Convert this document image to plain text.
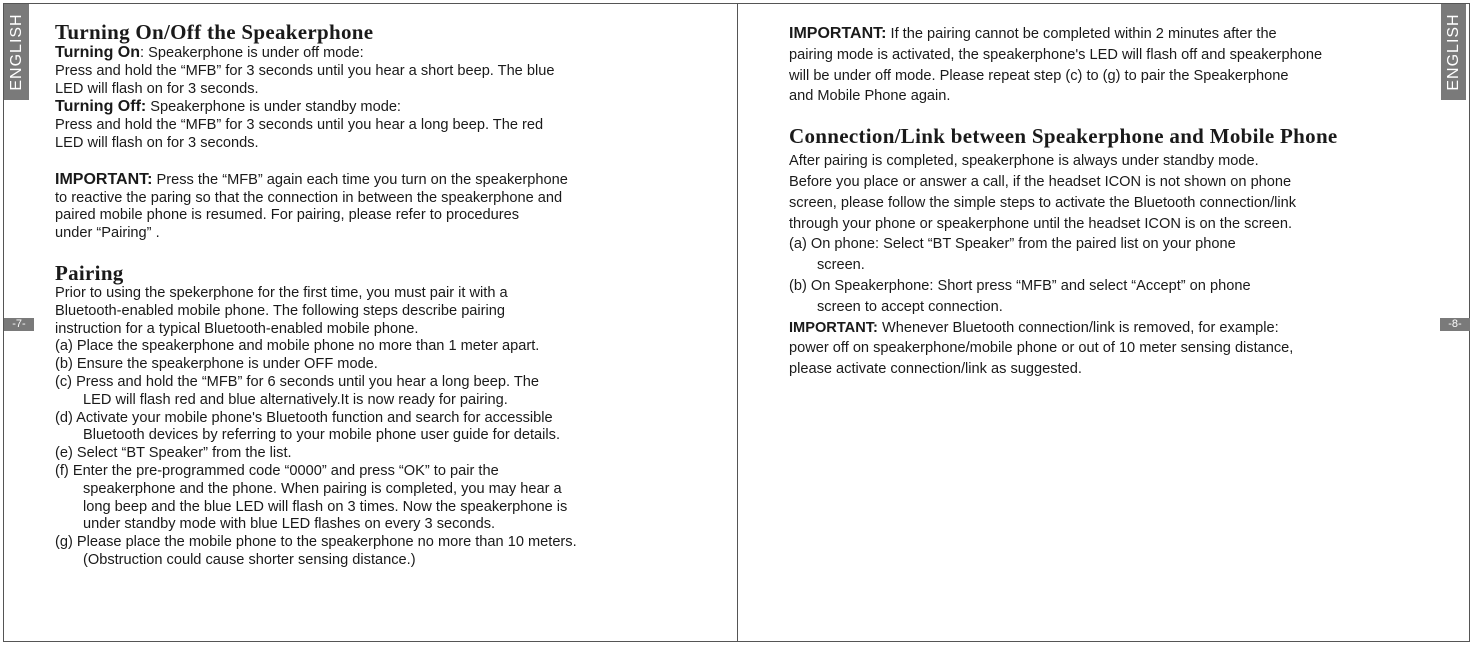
ENGLISH	ENGLISH
-7-	-8-
Turning On/Off the Speakerphone
Turning On: Speakerphone is under off mode:
Press and hold the “MFB” for 3 seconds until you hear a short beep. The blue
LED will flash on for 3 seconds.
Turning Off: Speakerphone is under standby mode:
Press and hold the “MFB” for 3 seconds until you hear a long beep. The red
LED will flash on for 3 seconds.
IMPORTANT: Press the “MFB” again each time you turn on the speakerphone
to reactive the paring so that the connection in between the speakerphone and
paired mobile phone is resumed. For pairing, please refer to procedures
under “Pairing” .
Pairing
Prior to using the spekerphone for the first time, you must pair it with a
Bluetooth-enabled mobile phone. The following steps describe pairing
instruction for a typical Bluetooth-enabled mobile phone.
(a) Place the speakerphone and mobile phone no more than 1 meter apart.
(b) Ensure the speakerphone is under OFF mode.
(c) Press and hold the “MFB” for 6 seconds until you hear a long beep. The
LED will flash red and blue alternatively.It is now ready for pairing.
(d) Activate your mobile phone's Bluetooth function and search for accessible
Bluetooth devices by referring to your mobile phone user guide for details.
(e) Select “BT Speaker” from the list.
(f) Enter the pre-programmed code “0000” and press “OK” to pair the
speakerphone and the phone. When pairing is completed, you may hear a
long beep and the blue LED will flash on 3 times. Now the speakerphone is
under standby mode with blue LED flashes on every 3 seconds.
(g) Please place the mobile phone to the speakerphone no more than 10 meters.
(Obstruction could cause shorter sensing distance.)
IMPORTANT: If the pairing cannot be completed within 2 minutes after the
pairing mode is activated, the speakerphone's LED will flash off and speakerphone
will be under off mode. Please repeat step (c) to (g) to pair the Speakerphone
and Mobile Phone again.
Connection/Link between Speakerphone and Mobile Phone
After pairing is completed, speakerphone is always under standby mode.
Before you place or answer a call, if the headset ICON is not shown on phone
screen, please follow the simple steps to activate the Bluetooth connection/link
through your phone or speakerphone until the headset ICON is on the screen.
(a) On phone: Select “BT Speaker” from the paired list on your phone
screen.
(b) On Speakerphone: Short press “MFB” and select “Accept” on phone
screen to accept connection.
IMPORTANT: Whenever Bluetooth connection/link is removed, for example:
power off on speakerphone/mobile phone or out of 10 meter sensing distance,
please activate connection/link as suggested.
